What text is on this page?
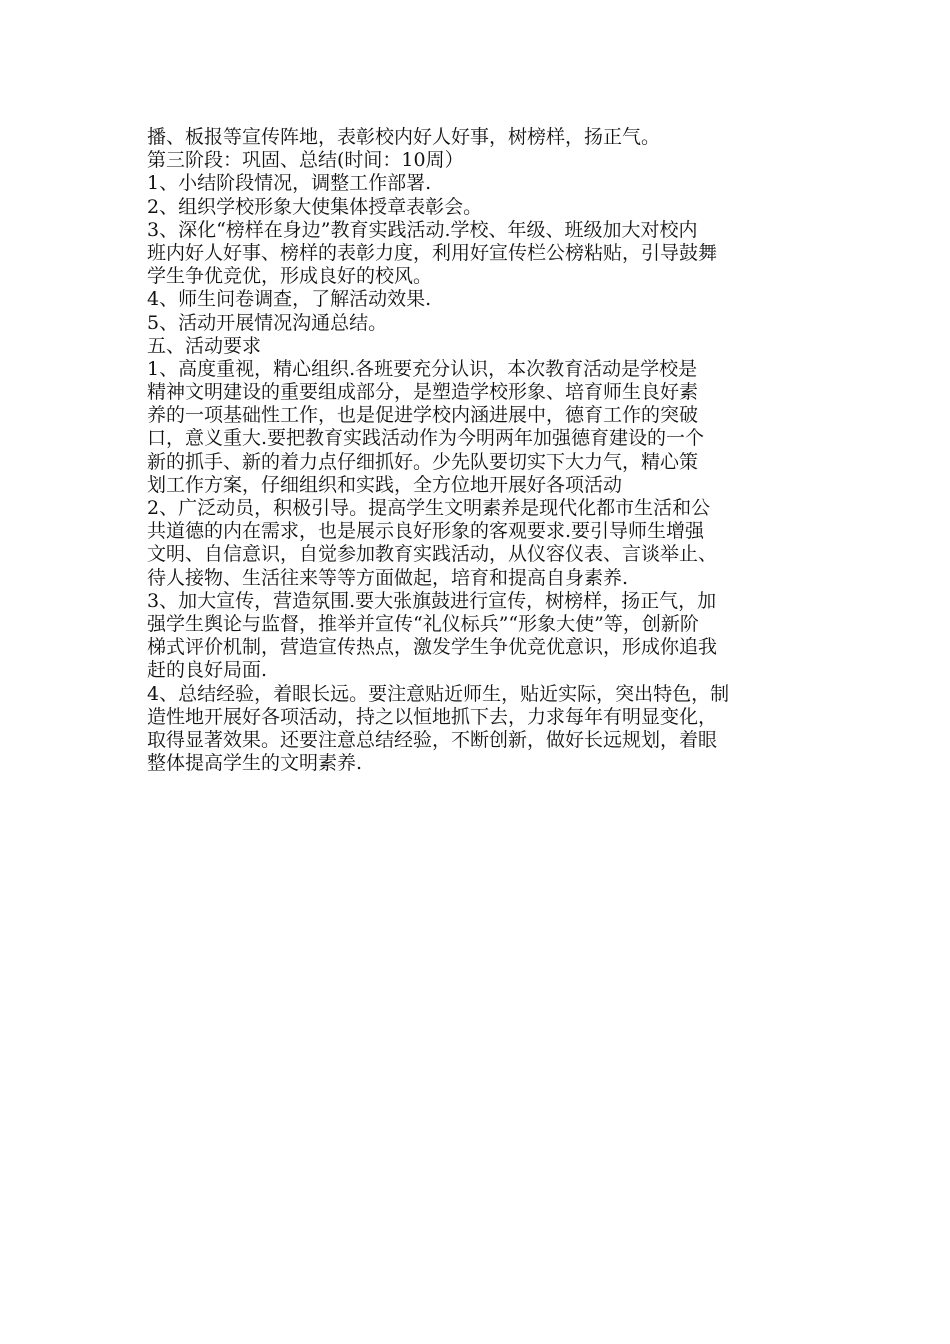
播、板报等宣传阵地，表彰校内好人好事，树榜样，扬正气。
第三阶段：巩固、总结(时间：10周）
1、小结阶段情况，调整工作部署.
2、组织学校形象大使集体授章表彰会。
3、深化“榜样在身边”教育实践活动.学校、年级、班级加大对校内
班内好人好事、榜样的表彰力度，利用好宣传栏公榜粘贴，引导鼓舞
学生争优竞优，形成良好的校风。
4、师生问卷调查，了解活动效果.
5、活动开展情况沟通总结。
五、活动要求
1、高度重视，精心组织.各班要充分认识，本次教育活动是学校是
精神文明建设的重要组成部分，是塑造学校形象、培育师生良好素
养的一项基础性工作，也是促进学校内涵进展中，德育工作的突破
口，意义重大.要把教育实践活动作为今明两年加强德育建设的一个
新的抓手、新的着力点仔细抓好。少先队要切实下大力气，精心策
划工作方案，仔细组织和实践，全方位地开展好各项活动
2、广泛动员，积极引导。提高学生文明素养是现代化都市生活和公
共道德的内在需求，也是展示良好形象的客观要求.要引导师生增强
文明、自信意识，自觉参加教育实践活动，从仪容仪表、言谈举止、
待人接物、生活往来等等方面做起，培育和提高自身素养.
3、加大宣传，营造氛围.要大张旗鼓进行宣传，树榜样，扬正气，加
强学生舆论与监督，推举并宣传“礼仪标兵”“形象大使”等，创新阶
梯式评价机制，营造宣传热点，激发学生争优竞优意识，形成你追我
赶的良好局面.
4、总结经验，着眼长远。要注意贴近师生，贴近实际，突出特色，制
造性地开展好各项活动，持之以恒地抓下去，力求每年有明显变化，
取得显著效果。还要注意总结经验，不断创新，做好长远规划，着眼
整体提高学生的文明素养.
